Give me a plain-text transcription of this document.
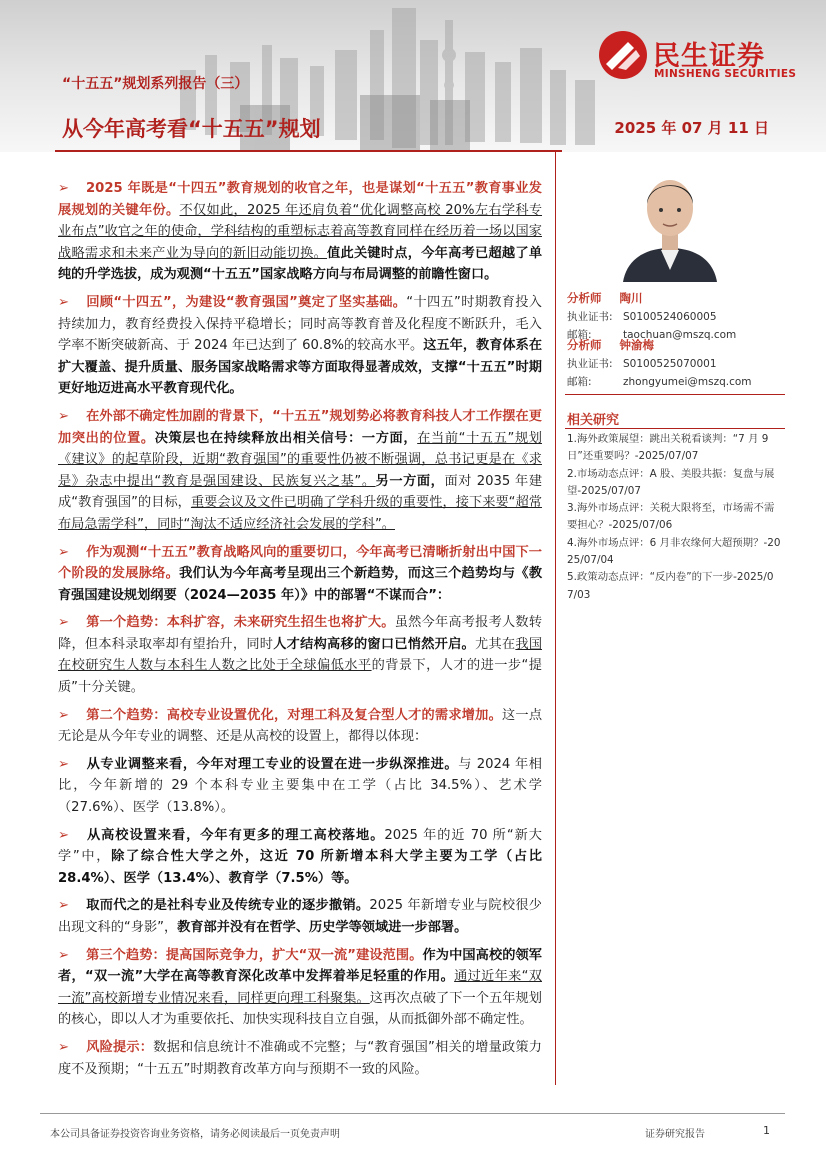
“十五五”规划系列报告（三）
从今年高考看“十五五”规划	2025 年 07 月 11 日
民生证券
MINSHENG SECURITIES

➢ 2025 年既是“十四五”教育规划的收官之年，也是谋划“十五五”教育事业发展规划的关键年份。不仅如此，2025 年还肩负着“优化调整高校 20%左右学科专业布点”收官之年的使命，学科结构的重塑标志着高等教育同样在经历着一场以国家战略需求和未来产业为导向的新旧动能切换。值此关键时点，今年高考已超越了单纯的升学选拔，成为观测“十五五”国家战略方向与布局调整的前瞻性窗口。

➢ 回顾“十四五”，为建设“教育强国”奠定了坚实基础。“十四五”时期教育投入持续加力，教育经费投入保持平稳增长；同时高等教育普及化程度不断跃升，毛入学率不断突破新高、于 2024 年已达到了 60.8%的较高水平。这五年，教育体系在扩大覆盖、提升质量、服务国家战略需求等方面取得显著成效，支撑“十五五”时期更好地迈进高水平教育现代化。

➢ 在外部不确定性加剧的背景下，“十五五”规划势必将教育科技人才工作摆在更加突出的位置。决策层也在持续释放出相关信号：一方面，在当前“十五五”规划《建议》的起草阶段，近期“教育强国”的重要性仍被不断强调，总书记更是在《求是》杂志中提出“教育是强国建设、民族复兴之基”。另一方面，面对 2035 年建成“教育强国”的目标，重要会议及文件已明确了学科升级的重要性，接下来要“超常布局急需学科”，同时“淘汰不适应经济社会发展的学科”。

➢ 作为观测“十五五”教育战略风向的重要切口，今年高考已清晰折射出中国下一个阶段的发展脉络。我们认为今年高考呈现出三个新趋势，而这三个趋势均与《教育强国建设规划纲要（2024—2035 年）》中的部署“不谋而合”：

➢ 第一个趋势：本科扩容，未来研究生招生也将扩大。虽然今年高考报考人数转降，但本科录取率却有望抬升，同时人才结构高移的窗口已悄然开启。尤其在我国在校研究生人数与本科生人数之比处于全球偏低水平的背景下，人才的进一步“提质”十分关键。

➢ 第二个趋势：高校专业设置优化，对理工科及复合型人才的需求增加。这一点无论是从今年专业的调整、还是从高校的设置上，都得以体现：

➢ 从专业调整来看，今年对理工专业的设置在进一步纵深推进。与 2024 年相比，今年新增的 29 个本科专业主要集中在工学（占比 34.5%）、艺术学（27.6%）、医学（13.8%）。

➢ 从高校设置来看，今年有更多的理工高校落地。2025 年的近 70 所“新大学”中，除了综合性大学之外，这近 70 所新增本科大学主要为工学（占比 28.4%）、医学（13.4%）、教育学（7.5%）等。

➢ 取而代之的是社科专业及传统专业的逐步撤销。2025 年新增专业与院校很少出现文科的“身影”，教育部并没有在哲学、历史学等领域进一步部署。

➢ 第三个趋势：提高国际竞争力，扩大“双一流”建设范围。作为中国高校的领军者，“双一流”大学在高等教育深化改革中发挥着举足轻重的作用。通过近年来“双一流”高校新增专业情况来看，同样更向理工科聚集。这再次点破了下一个五年规划的核心，即以人才为重要依托、加快实现科技自立自强，从而抵御外部不确定性。

➢ 风险提示：数据和信息统计不准确或不完整；与“教育强国”相关的增量政策力度不及预期；“十五五”时期教育改革方向与预期不一致的风险。

分析师 陶川
执业证书: S0100524060005
邮箱:	taochuan@mszq.com
分析师 钟渝梅
执业证书: S0100525070001
邮箱:	zhongyumei@mszq.com
相关研究
1.海外政策展望：跳出关税看谈判：“7 月 9 日”还重要吗？-2025/07/07
2.市场动态点评：A 股、美股共振：复盘与展望-2025/07/07
3.海外市场点评：关税大限将至，市场需不需要担心？-2025/07/06
4.海外市场点评：6 月非农缘何大超预期？-2025/07/04
5.政策动态点评：“反内卷”的下一步-2025/07/03
本公司具备证券投资咨询业务资格，请务必阅读最后一页免责声明	证券研究报告	1
